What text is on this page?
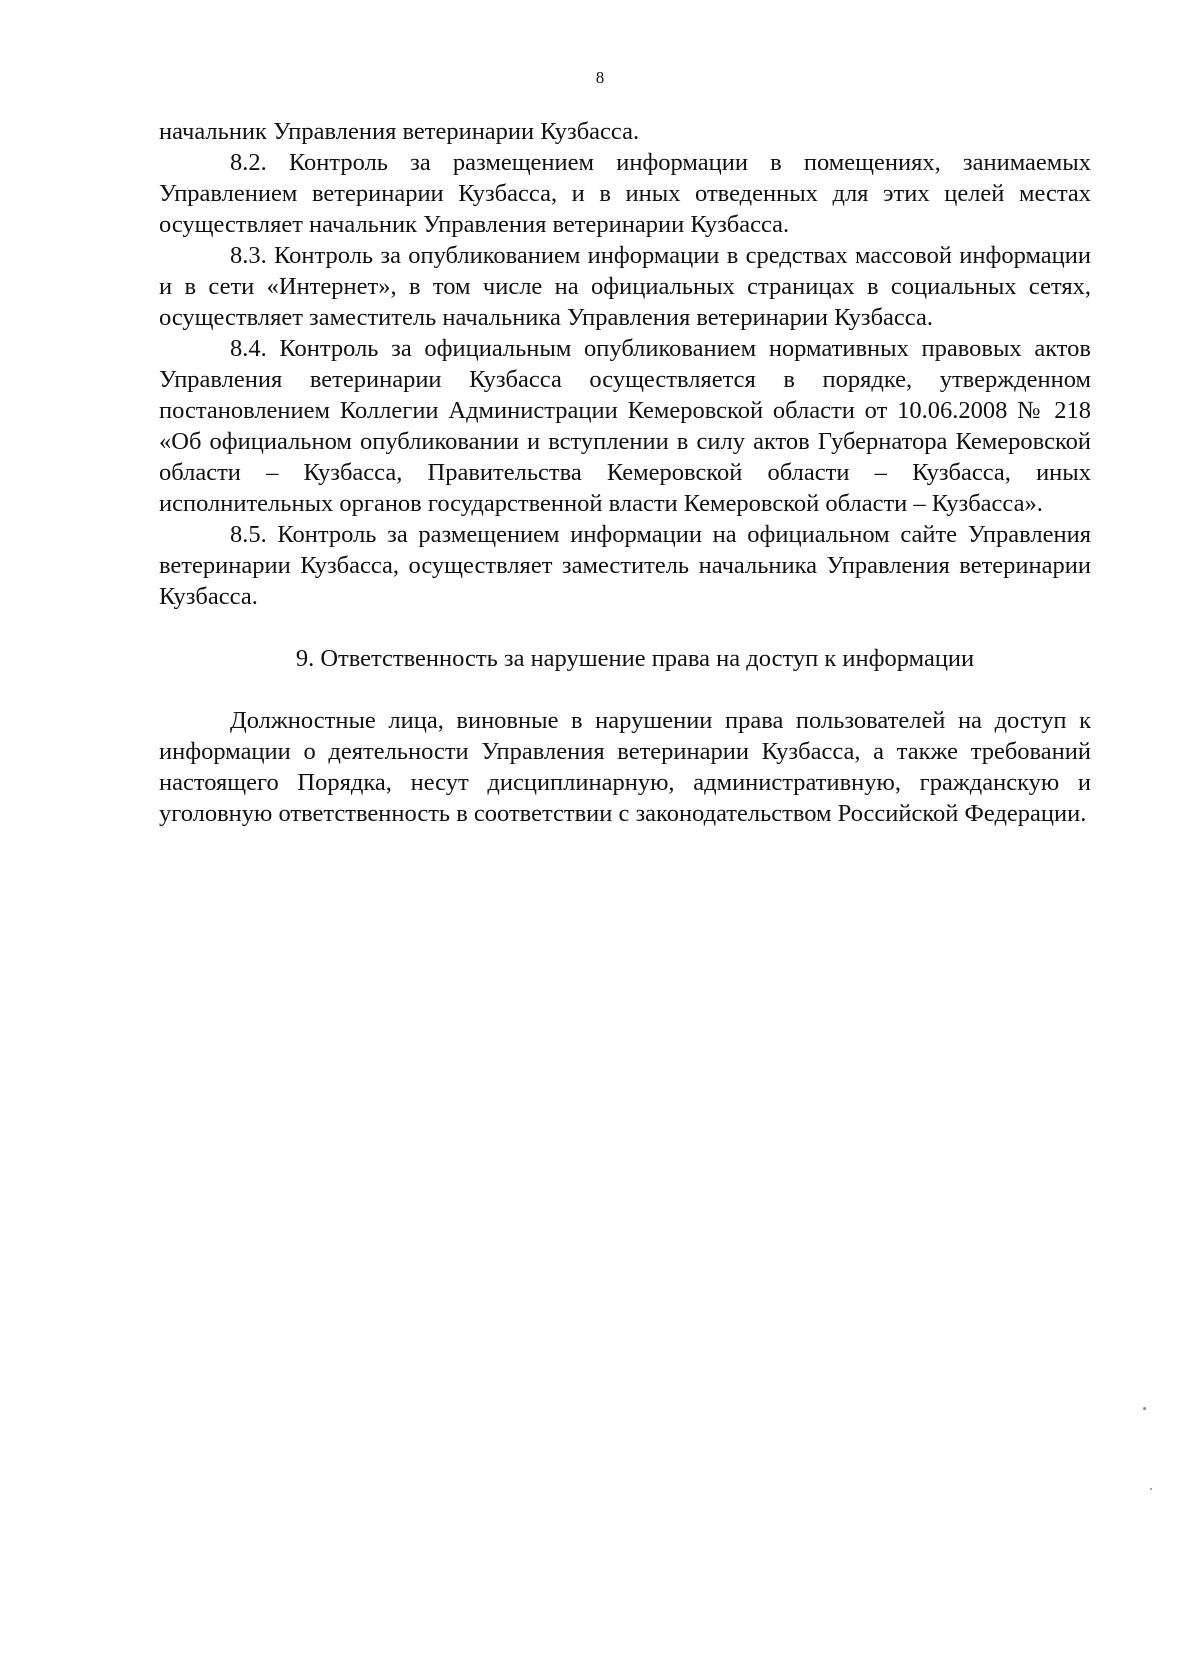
8

начальник Управления ветеринарии Кузбасса.

8.2. Контроль за размещением информации в помещениях, занимаемых Управлением ветеринарии Кузбасса, и в иных отведенных для этих целей местах осуществляет начальник Управления ветеринарии Кузбасса.

8.3. Контроль за опубликованием информации в средствах массовой информации и в сети «Интернет», в том числе на официальных страницах в социальных сетях, осуществляет заместитель начальника Управления ветеринарии Кузбасса.

8.4. Контроль за официальным опубликованием нормативных правовых актов Управления ветеринарии Кузбасса осуществляется в порядке, утвержденном постановлением Коллегии Администрации Кемеровской области от 10.06.2008 № 218 «Об официальном опубликовании и вступлении в силу актов Губернатора Кемеровской области – Кузбасса, Правительства Кемеровской области – Кузбасса, иных исполнительных органов государственной власти Кемеровской области – Кузбасса».

8.5. Контроль за размещением информации на официальном сайте Управления ветеринарии Кузбасса, осуществляет заместитель начальника Управления ветеринарии Кузбасса.

9. Ответственность за нарушение права на доступ к информации

Должностные лица, виновные в нарушении права пользователей на доступ к информации о деятельности Управления ветеринарии Кузбасса, а также требований настоящего Порядка, несут дисциплинарную, административную, гражданскую и уголовную ответственность в соответствии с законодательством Российской Федерации.
